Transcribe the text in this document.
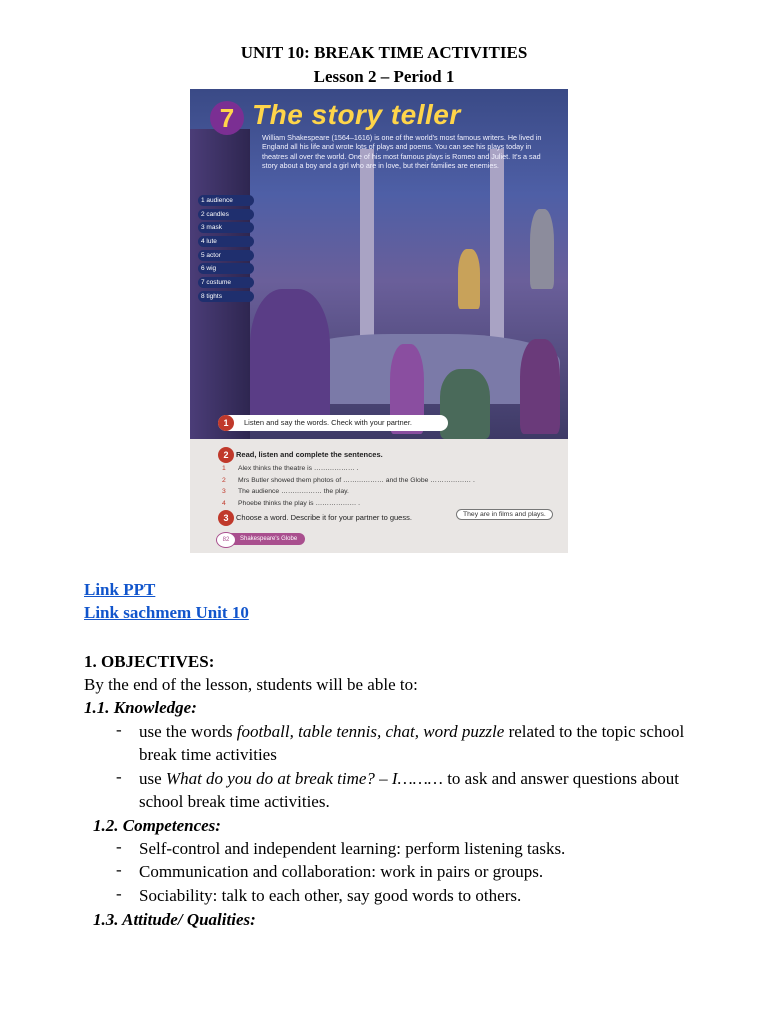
UNIT 10: BREAK TIME ACTIVITIES
Lesson 2 – Period 1
7 The story teller
William Shakespeare (1564–1616) is one of the world's most famous writers. He lived in England all his life and wrote lots of plays and poems. You can see his plays today in theatres all over the world. One of his most famous plays is Romeo and Juliet. It's a sad story about a boy and a girl who are in love, but their families are enemies.
1 audience
2 candles
3 mask
4 lute
5 actor
6 wig
7 costume
8 tights
Listen and say the words. Check with your partner.
1
2	Read, listen and complete the sentences.
1 Alex thinks the theatre is ……………… .
2 Mrs Butler showed them photos of ……………… and the Globe ……………… .
3 The audience ……………… the play.
4 Phoebe thinks the play is ……………… .
3	Choose a word. Describe it for your partner to guess.	They are in films and plays.
Shakespeare's Globe
82
Link PPT
Link sachmem Unit 10
1. OBJECTIVES:
By the end of the lesson, students will be able to:
1.1. Knowledge:
- use the words football, table tennis, chat, word puzzle related to the topic school break time activities
- use What do you do at break time? – I……… to ask and answer questions about school break time activities.
1.2. Competences:
- Self-control and independent learning: perform listening tasks.
- Communication and collaboration: work in pairs or groups.
- Sociability: talk to each other, say good words to others.
1.3. Attitude/ Qualities:
